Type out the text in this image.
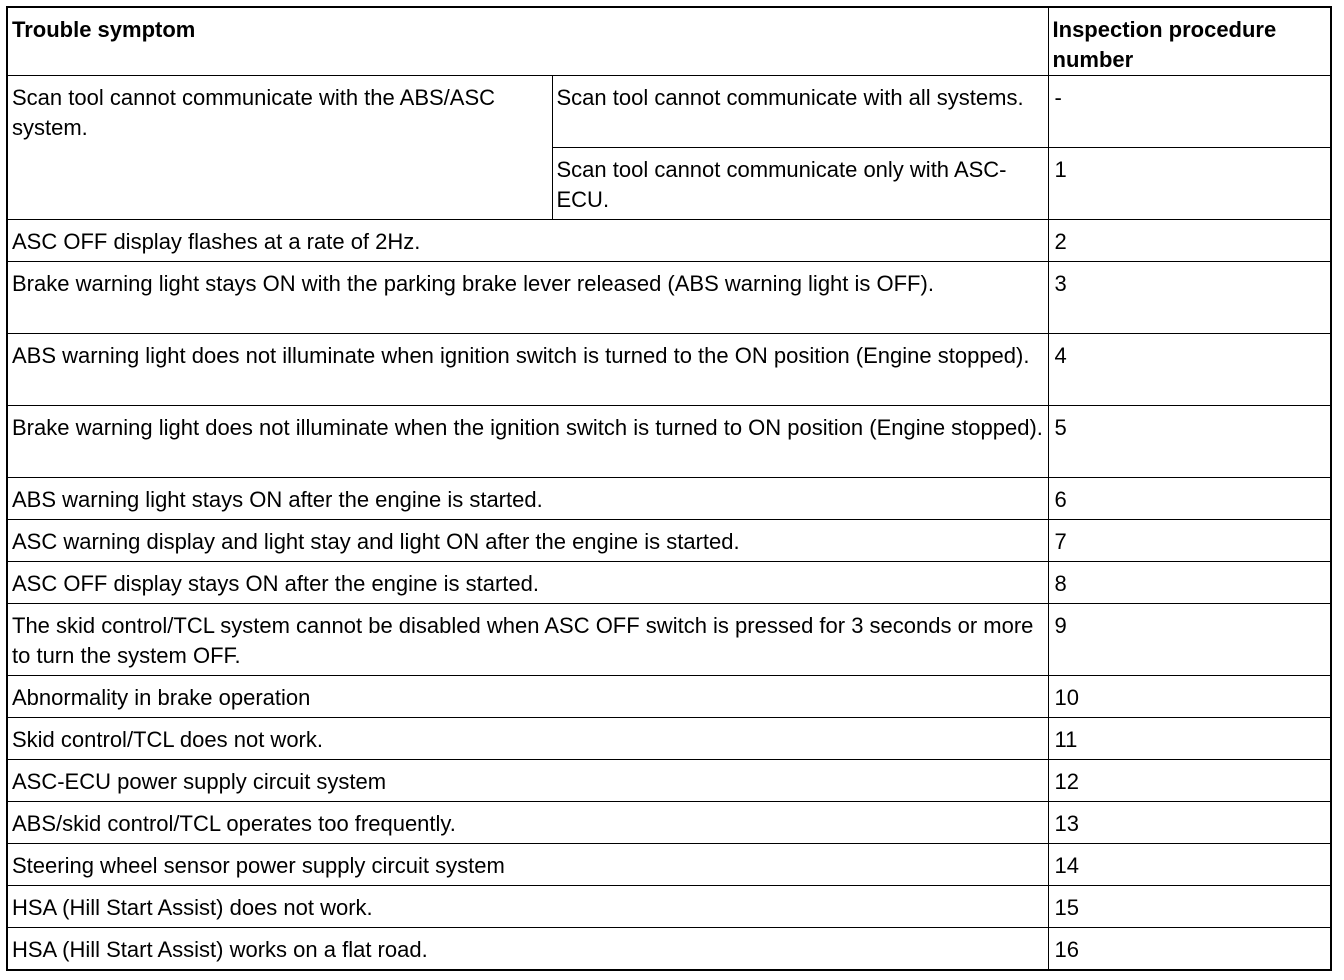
Trouble symptom		Inspection procedure
number
Scan tool cannot communicate with the ABS/ASC system.	Scan tool cannot communicate with all systems.	-
	Scan tool cannot communicate only with ASC-ECU.	1
ASC OFF display flashes at a rate of 2Hz.		2
Brake warning light stays ON with the parking brake lever released (ABS warning light is OFF).		3
ABS warning light does not illuminate when ignition switch is turned to the ON position (Engine stopped).		4
Brake warning light does not illuminate when the ignition switch is turned to ON position (Engine stopped).		5
ABS warning light stays ON after the engine is started.		6
ASC warning display and light stay and light ON after the engine is started.		7
ASC OFF display stays ON after the engine is started.		8
The skid control/TCL system cannot be disabled when ASC OFF switch is pressed for 3 seconds or more to turn the system OFF.		9
Abnormality in brake operation		10
Skid control/TCL does not work.		11
ASC-ECU power supply circuit system		12
ABS/skid control/TCL operates too frequently.		13
Steering wheel sensor power supply circuit system		14
HSA (Hill Start Assist) does not work.		15
HSA (Hill Start Assist) works on a flat road.		16
